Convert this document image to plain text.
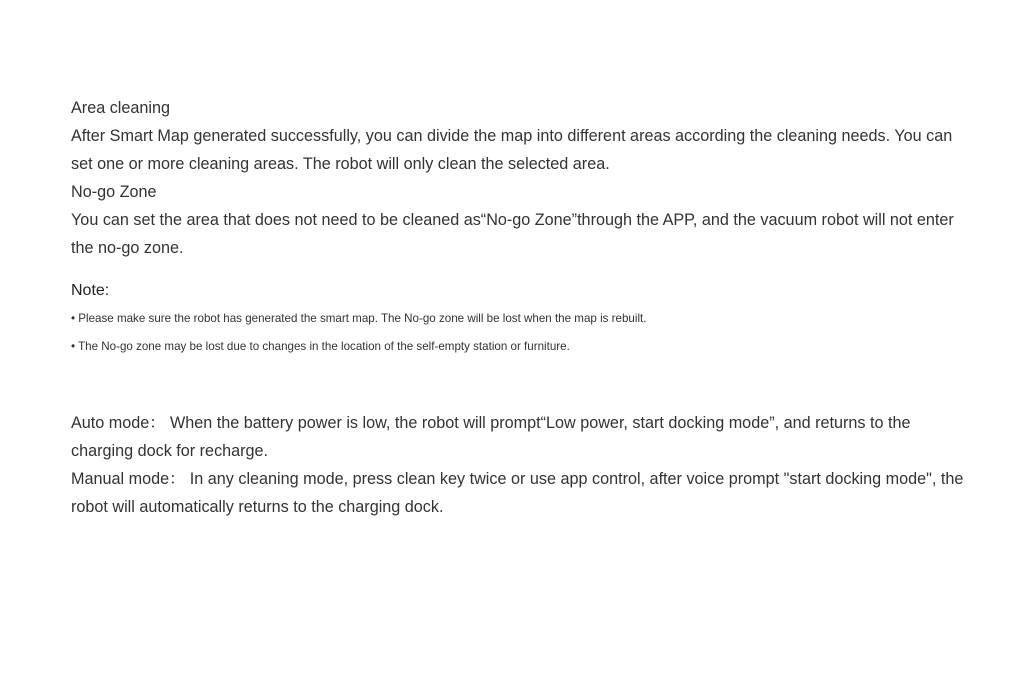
Area cleaning

After Smart Map generated successfully, you can divide the map into different areas according the cleaning needs. You can set one or more cleaning areas. The robot will only clean the selected area.

No-go Zone

You can set the area that does not need to be cleaned as“No-go Zone”through the APP, and the vacuum robot will not enter the no-go zone.

Note:

• Please make sure the robot has generated the smart map. The No-go zone will be lost when the map is rebuilt.

• The No-go zone may be lost due to changes in the location of the self-empty station or furniture.

Auto mode： When the battery power is low, the robot will prompt“Low power, start docking mode”, and returns to the charging dock for recharge.

Manual mode： In any cleaning mode, press clean key twice or use app control, after voice prompt "start docking mode", the robot will automatically returns to the charging dock.
